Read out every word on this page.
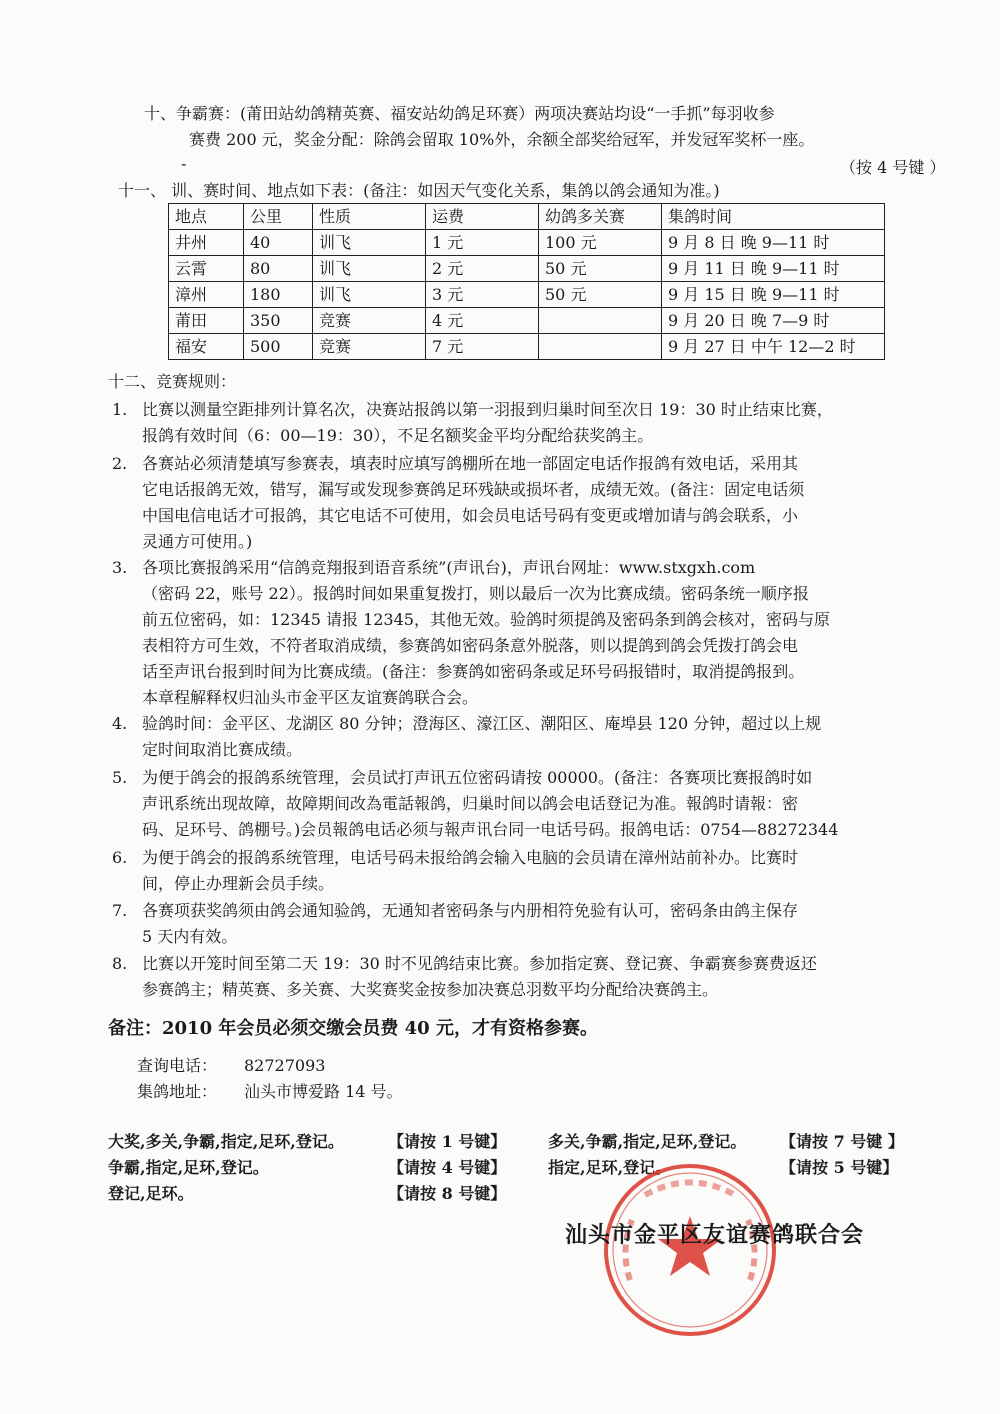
十、争霸赛：(莆田站幼鸽精英赛、福安站幼鸽足环赛）两项决赛站均设“一手抓”每羽收参
赛费 200 元，奖金分配：除鸽会留取 10%外，余额全部奖给冠军，并发冠军奖杯一座。
-	（按 4 号键 ）
十一、 训、赛时间、地点如下表：(备注：如因天气变化关系，集鸽以鸽会通知为准。)
地点	公里	性质	运费	幼鸽多关赛	集鸽时间
井州	40	训飞	1 元	100 元	9 月 8 日 晚 9—11 时
云霄	80	训飞	2 元	50 元	9 月 11 日 晚 9—11 时
漳州	180	训飞	3 元	50 元	9 月 15 日 晚 9—11 时
莆田	350	竞赛	4 元		9 月 20 日 晚 7—9 时
福安	500	竞赛	7 元		9 月 27 日 中午 12—2 时
十二、竞赛规则：
1. 比赛以测量空距排列计算名次，决赛站报鸽以第一羽报到归巢时间至次日 19：30 时止结束比赛，
报鸽有效时间（6：00—19：30），不足名额奖金平均分配给获奖鸽主。
2. 各赛站必须清楚填写参赛表，填表时应填写鸽棚所在地一部固定电话作报鸽有效电话，采用其
它电话报鸽无效，错写，漏写或发现参赛鸽足环残缺或损坏者，成绩无效。(备注：固定电话须
中国电信电话才可报鸽，其它电话不可使用，如会员电话号码有变更或增加请与鸽会联系，小
灵通方可使用。)
3. 各项比赛报鸽采用“信鸽竞翔报到语音系统”(声讯台)，声讯台网址：www.stxgxh.com
（密码 22，账号 22）。报鸽时间如果重复拨打，则以最后一次为比赛成绩。密码条统一顺序报
前五位密码，如：12345 请报 12345，其他无效。验鸽时须提鸽及密码条到鸽会核对，密码与原
表相符方可生效，不符者取消成绩，参赛鸽如密码条意外脱落，则以提鸽到鸽会凭拨打鸽会电
话至声讯台报到时间为比赛成绩。(备注：参赛鸽如密码条或足环号码报错时，取消提鸽报到。
本章程解释权归汕头市金平区友谊赛鸽联合会。
4. 验鸽时间：金平区、龙湖区 80 分钟；澄海区、濠江区、潮阳区、庵埠县 120 分钟，超过以上规
定时间取消比赛成绩。
5. 为便于鸽会的报鸽系统管理，会员试打声讯五位密码请按 00000。(备注：各赛项比赛报鸽时如
声讯系统出现故障，故障期间改為電話報鸽，归巢时间以鸽会电话登记为准。報鸽时请報：密
码、足环号、鸽棚号。)会员報鸽电话必须与報声讯台同一电话号码。报鸽电话：0754—88272344
6. 为便于鸽会的报鸽系统管理，电话号码未报给鸽会输入电脑的会员请在漳州站前补办。比赛时
间，停止办理新会员手续。
7. 各赛项获奖鸽须由鸽会通知验鸽，无通知者密码条与内册相符免验有认可，密码条由鸽主保存
5 天内有效。
8. 比赛以开笼时间至第二天 19：30 时不见鸽结束比赛。参加指定赛、登记赛、争霸赛参赛费返还
参赛鸽主；精英赛、多关赛、大奖赛奖金按参加决赛总羽数平均分配给决赛鸽主。
备注：2010 年会员必须交缴会员费 40 元，才有资格参赛。
查询电话： 82727093
集鸽地址： 汕头市博爱路 14 号。
大奖,多关,争霸,指定,足环,登记。	【请按 1 号键】	多关,争霸,指定,足环,登记。 【请按 7 号键 】
争霸,指定,足环,登记。	【请按 4 号键】	指定,足环,登记。	【请按 5 号键】
登记,足环。	【请按 8 号键】
汕头市金平区友谊赛鸽联合会
